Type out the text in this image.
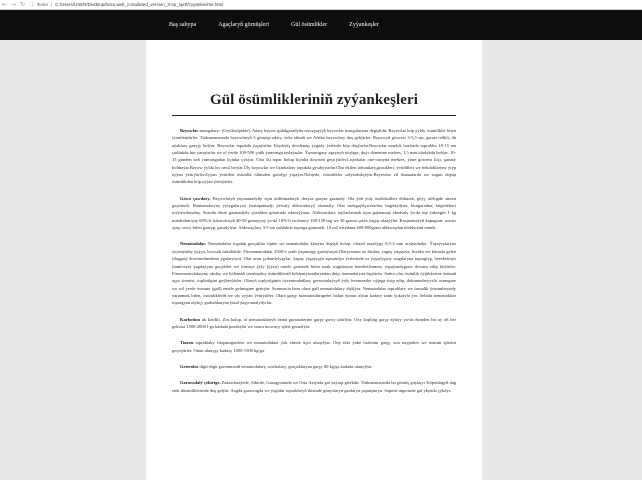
← → ↻ ⓘ Файл | C:/Users/USER/Desktop/boss.web_completed_version_3-sp_sprtt/zyyankesher.html
Baş sahypa	Agaçlaryň görnüşleri	Gül ösümlikler	Zyýankeşler
Gül ösümlikleriniň zyýankeşleri

Bzyowlar zanogalary- (Grylloolpidae). Adaty bzyow gülalgasadyňa otyryşsaýyk bzyowlar mazgalasyna degişlidir. Bzyowlar köp ýyldy ösümlikler bilen iýmitlenýärler. Türkmenistanda bzyowlaryň 3 görnüşi-adaty, ýeke täkadi we Afrika bzyowlary duş gelýärler. Bzyowyň göwresi 3-5,5 sm, garast reňkli, dü aýaklary gazyjy bolýar. Bzyowlar topukda ýaşaýarlar. Köpleýiş desslenup ýygady ýerlerde köp duşýarlar.Bzyowlar mazlyk bazlarda topraklm 10-15 sm çuňlukda hin ýasaýarlar we ol ýerde 100-500 çuňk ýumurtga taslaýarlar. Ýumurtgasy agzynyň ütrýäge, duýr dönenine melzes, 1,5 mm uludykda bolýar. 10-15 günden soň ýumurtgadan liçinka çykýar. Olar iki topar bolup liçinka döwrüni geçirýärler.Liçinkalar one-otasyna meňzes, ýöne göwresi kiçi, ganaty bolmaýar.Bzyow ýylda bir nesil berýär.Üly bzyowlar we liçinkalary topukda gysdyrýarlar.Olar ekilen tohumlary,ginsikleri, ýeridilleri we bekdoklaryny ýiýp zyýan ýetirýärler.Zyýan ýetirilen ösümlik ölümden gutulyp ýaşaýar.Netijede, ösümlikler solýardukçeýär.Bzyowlar zil ikamalarda we sogun döşüp ösümlikden köp zyýan ýetirýärler.

Göwo çawdary. Bzyowlaryň ýuymanadyňy üçin ütilihmadaryk desysa gazym gazmaly. Ola ýöň ýuly üsekliisdleri dökmek, göýç ulelugde sinten geçirmeli. Hatmanalaryny ýytygalaryuý ýuatapatmaly, ýewuly aldowadaryý skaunaly. Olar usekgaýdyweraöba, bugdaýdyna, kluigaradna, kngedelieri toýýuwdaryňny. Seaoda düste gazmadyňy çüzüldeu götatrude edaeaýýarar. Aldowardary taýýarlarmak üçin gaýnamaý ebedsaly ýa-da inp ýakesgtit 1 kg mindudarcyny 60%-li fukorofosyň 40-50 gramyyny ýa-da 10%-li izolenorý 100-150 mg we 30 grama çatýä ýaşyp ulaaýýlar. Kasjuamaýyň kapugtan- sowus ojap, sowy bilen gaaryp, garadylýar. Aldowaçlary 3-5 sm çuňlukda topraga gömmeli. 10 m2 meýdana 600-800gram aldawaçdan ulaldyrýaň etmek.

Nematodalar. Nematodalar togalak gurçuklar tipine we nematodalar klasyna degişli bolup, olaryň uzynlygy 0,5-3 mm aralykdadyr. Ýaşaýyşlaryna zyýanýaldy ýaýya, bowsak üskülükde. Fitonematodalar 2500-e çenli ýaşamagy gurlaýaryar.Olaryraonui az fäsdan, yagny ýaşaşrýa, liciaka we kimada gelen (daşgasý dowentdinedenn ýgalatyryn). Olar orun şydamlylygylar, ýagny ýaşaýyşýa aşasamlyz ýerlerinde oz ýaşaýyşýny wagtlaryna topraglyp, heeeketinýz (tamlosyz) ýagdaýyna geçýärler we birnäçe ýyly (ýyzu) emele getiznek bilen uzak wagtlaryna heeeketlenmez, ýaşaýandygyna dowam edip bilýärler. Fitonematodalaryny ubsbty we kölemäň sezulmaloy ösümlikleriň kökleniýsmalaryndan deip, önemalaryna bişýärler. Soňra olar ösümlik öýjükkerine özünaň aşyz sirenisi, toplinilgini goýberýärler. Olaryň toplyrilginin öýzenimdaňlary geresomlaýsyň ýoly feremnetler oýjuge tisip edip, dokumadaryyzlii osmegiue we sol ýerde ösesme (gall) emele gelmegine getirýär. Sounuacia hem olara gall nematodalary diýilýar. Nematodalar topraklary we ösmalik ýuzumlaryndy ýaranmak bilen, ösümlikleriň we uly zyýan ýetirýärler. Olara garşy nizmatoiditrapeler bolan ýumur alýan kadary zaim ýokaryla ýar. Sebabi nematodalar topragyna ulykçy garkaldanyna ýutal ýaşyramalydyrlar.

Karbotion ak kärtlili. Zin bolup, ol nematodalaryň ösmä gursmalerine garşy gowy ulurlýar. Oxy kopling garşy aýlary ya-da ekmden bir ay öň ber gektara 1500-2000 l-ga kadada peadaýlar we soura mowayy işleri gesizilýar.

Tiazon topraklaky fitopatogunlere we nematodalara ýok etmek üçin ulanylýar. Ony ikki ýube ösalenm garşy, son naypulter we ustrum işlerini geçirýärler. Onun ulanyşy kadasy 1000-1500 kg/ga.

Geterolos digit-digit goremmisiň nematodalary, sowkalary, gurçuklaryna garşy 80 kg/ga kadada ulanylýar.

Garawulalý çekirtge. Zakawkazýede, Sibirde, Gazagystanda we Orta Aziýada gal ýaýrap glerkdir. Türkmenistanda bu görnüş guşlaryr Köpetdagyň dag etek düzünliklerinde duş gelýär. Aogdä garawugda we ýogütür topraklaryň ikisinde günyslaryn gardaryn pajanşlaryn. Sapmir ürgerinde gal ykynda çykdyr.
